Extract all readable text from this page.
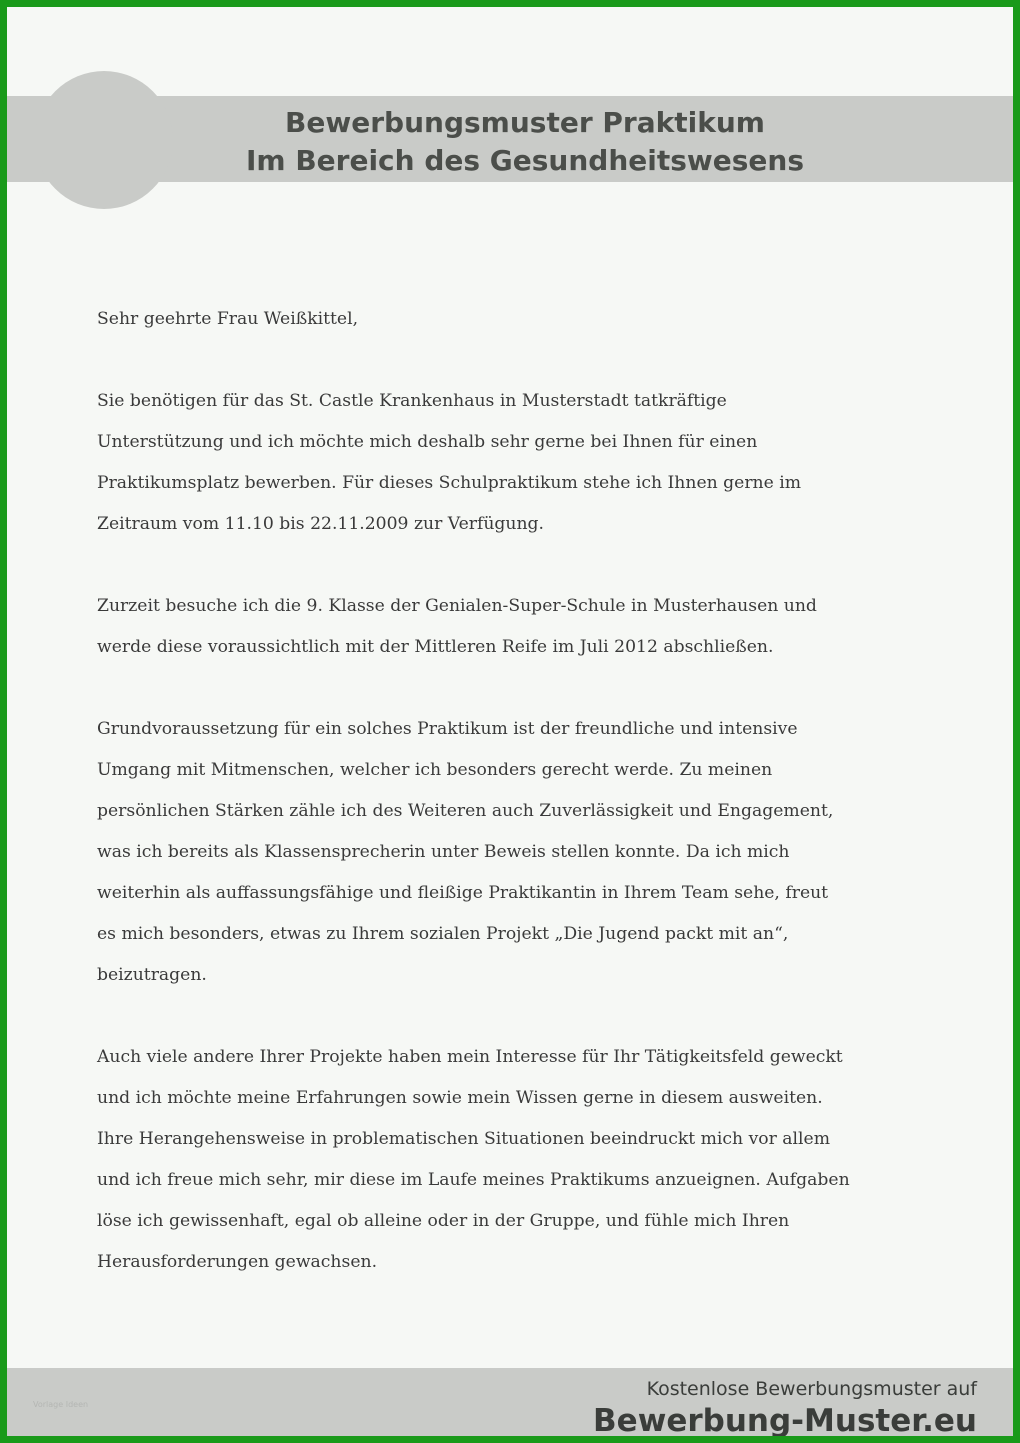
Bewerbungsmuster Praktikum
Im Bereich des Gesundheitswesens
Sehr geehrte Frau Weißkittel,
Sie benötigen für das St. Castle Krankenhaus in Musterstadt tatkräftige
Unterstützung und ich möchte mich deshalb sehr gerne bei Ihnen für einen
Praktikumsplatz bewerben. Für dieses Schulpraktikum stehe ich Ihnen gerne im
Zeitraum vom 11.10 bis 22.11.2009 zur Verfügung.
Zurzeit besuche ich die 9. Klasse der Genialen-Super-Schule in Musterhausen und
werde diese voraussichtlich mit der Mittleren Reife im Juli 2012 abschließen.
Grundvoraussetzung für ein solches Praktikum ist der freundliche und intensive
Umgang mit Mitmenschen, welcher ich besonders gerecht werde. Zu meinen
persönlichen Stärken zähle ich des Weiteren auch Zuverlässigkeit und Engagement,
was ich bereits als Klassensprecherin unter Beweis stellen konnte. Da ich mich
weiterhin als auffassungsfähige und fleißige Praktikantin in Ihrem Team sehe, freut
es mich besonders, etwas zu Ihrem sozialen Projekt „Die Jugend packt mit an“,
beizutragen.
Auch viele andere Ihrer Projekte haben mein Interesse für Ihr Tätigkeitsfeld geweckt
und ich möchte meine Erfahrungen sowie mein Wissen gerne in diesem ausweiten.
Ihre Herangehensweise in problematischen Situationen beeindruckt mich vor allem
und ich freue mich sehr, mir diese im Laufe meines Praktikums anzueignen. Aufgaben
löse ich gewissenhaft, egal ob alleine oder in der Gruppe, und fühle mich Ihren
Herausforderungen gewachsen.
Vorlage Ideen
Kostenlose Bewerbungsmuster auf
Bewerbung-Muster.eu
